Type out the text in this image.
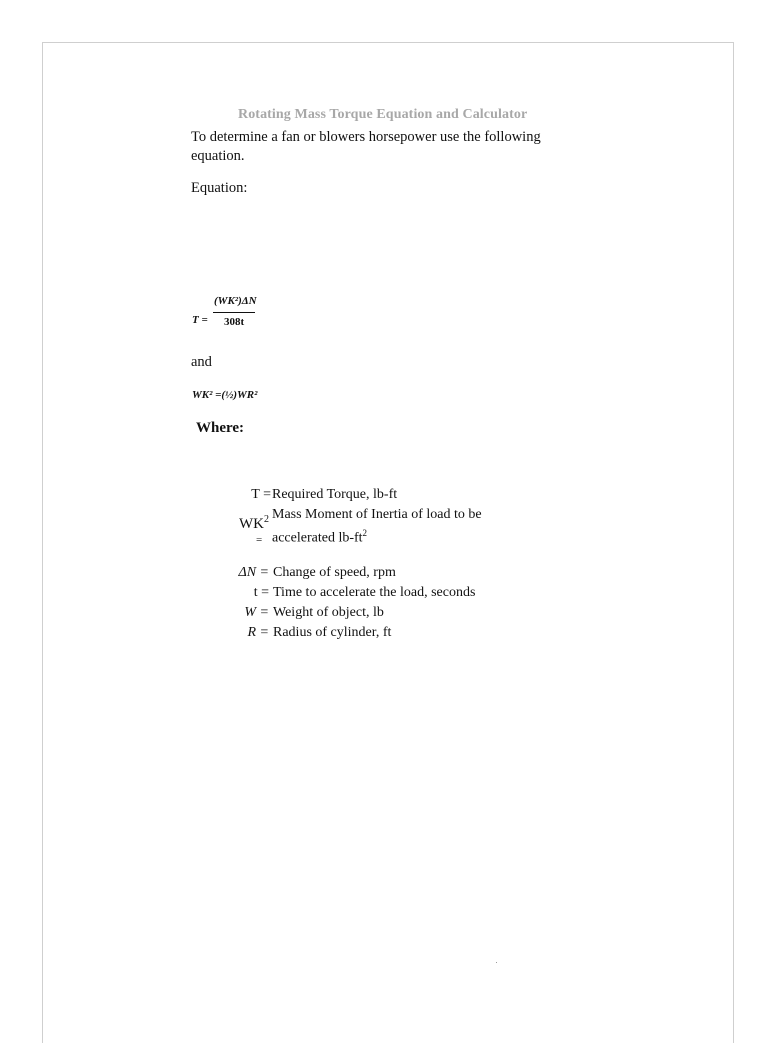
Rotating Mass Torque Equation and Calculator
To determine a fan or blowers horsepower use the following equation.
Equation:
T =
(WK²)ΔN
308t
and
WK² =(½)WR²
Where:
T = Required Torque, lb-ft
$WK^2$
=
Mass Moment of Inertia of load to be
accelerated $lb-ft^2$
ΔN = Change of speed, rpm
t = Time to accelerate the load, seconds
W = Weight of object, lb
R = Radius of cylinder, ft
